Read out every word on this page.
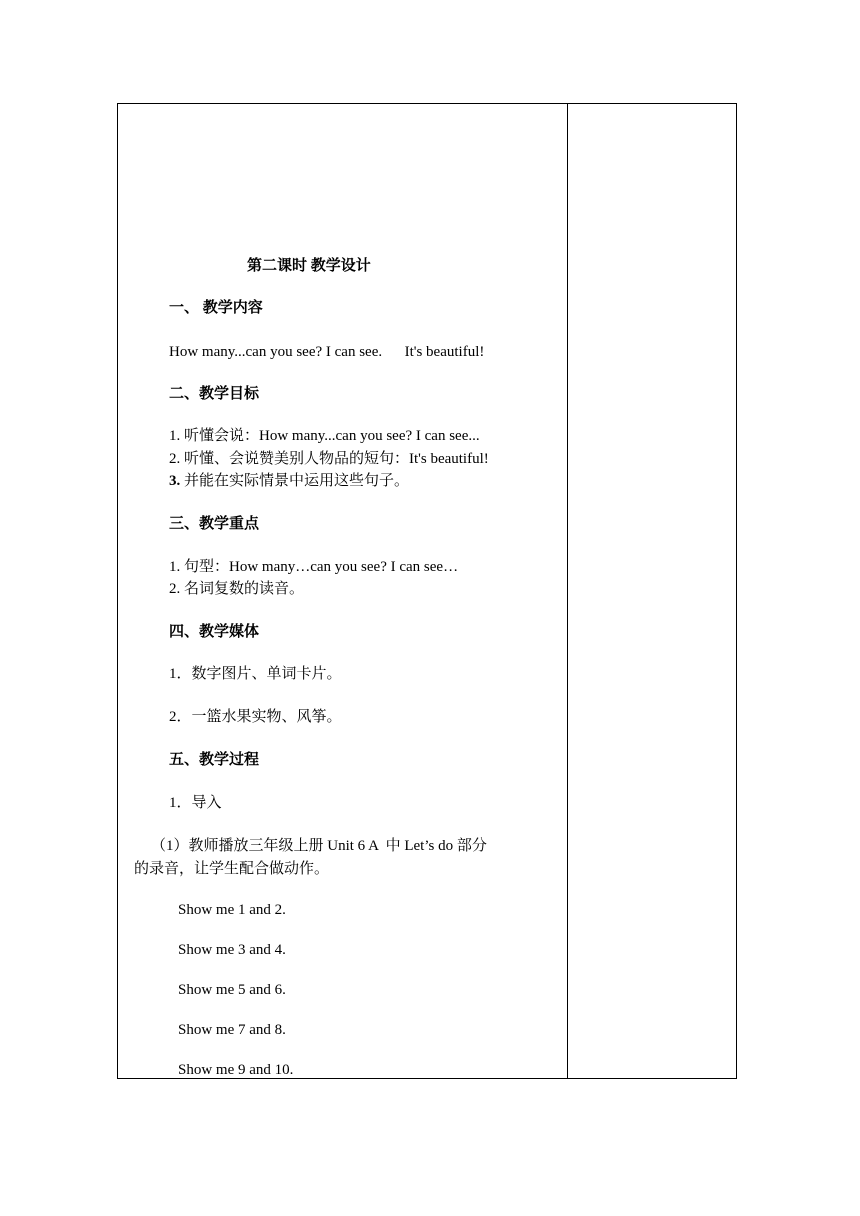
第二课时 教学设计
一、 教学内容
How many...can you see? I can see.      It's beautiful!
二、教学目标
1. 听懂会说：How many...can you see? I can see...
2. 听懂、会说赞美别人物品的短句：It's beautiful!
3. 并能在实际情景中运用这些句子。
三、教学重点
1. 句型：How many…can you see? I can see…
2. 名词复数的读音。
四、教学媒体
1．数字图片、单词卡片。
2．一篮水果实物、风筝。
五、教学过程
1．导入
（1）教师播放三年级上册 Unit 6 A  中 Let’s do 部分
的录音，让学生配合做动作。
Show me 1 and 2.
Show me 3 and 4.
Show me 5 and 6.
Show me 7 and 8.
Show me 9 and 10.
